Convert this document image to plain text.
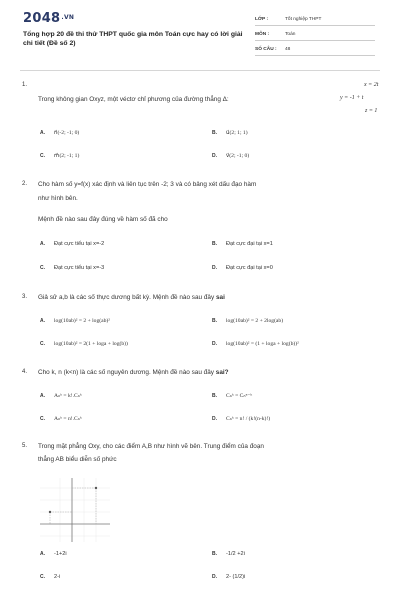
$2048^{.VN}$
Tổng hợp 20 đề thi thử THPT quốc gia môn Toán cực hay có lời giải chi tiết (Đề số 2)
LỚP :	Tốt nghiệp THPT
MÔN :	Toán
SỐ CÂU : 48
1.
Trong không gian Oxyz, một véctơ chỉ phương của đường thẳng Δ:
x = 2t
y = -1 + t
z = 1
A. n⃗(-2; -1; 0)	B. u⃗(2; 1; 1)
C. m⃗(2; -1; 1)	D. v⃗(2; -1; 0)
2. Cho hàm số y=f(x) xác định và liên tục trên -2; 3 và có bảng xét dấu đạo hàm
như hình bên.
Mệnh đề nào sau đây đúng về hàm số đã cho
A. Đạt cực tiểu tại x=-2	B. Đạt cực đại tại x=1
C. Đạt cực tiểu tại x=-3	D. Đạt cực đại tại x=0
3. Giả sử a,b là các số thực dương bất kỳ. Mệnh đề nào sau đây sai
A. log(10ab)² = 2 + log(ab)²	B. log(10ab)² = 2 + 2log(ab)
C. log(10ab)² = 2(1 + loga + log(b))	D. log(10ab)² = (1 + loga + log(b))²
4. Cho k, n (k<n) là các số nguyên dương. Mệnh đề nào sau đây sai?
A. Aₙᵏ = k!.Cₙᵏ	B. Cₙᵏ = Cₙⁿ⁻ᵏ
C. Aₙᵏ = n!.Cₙᵏ	D. Cₙᵏ = n! / (k!(n-k)!)
5. Trong mặt phẳng Oxy, cho các điểm A,B như hình vẽ bên. Trung điểm của đoạn
thẳng AB biểu diễn số phức
A. -1+2i	B. -1/2 +2i
C. 2-i	D. 2- (1/2)i
